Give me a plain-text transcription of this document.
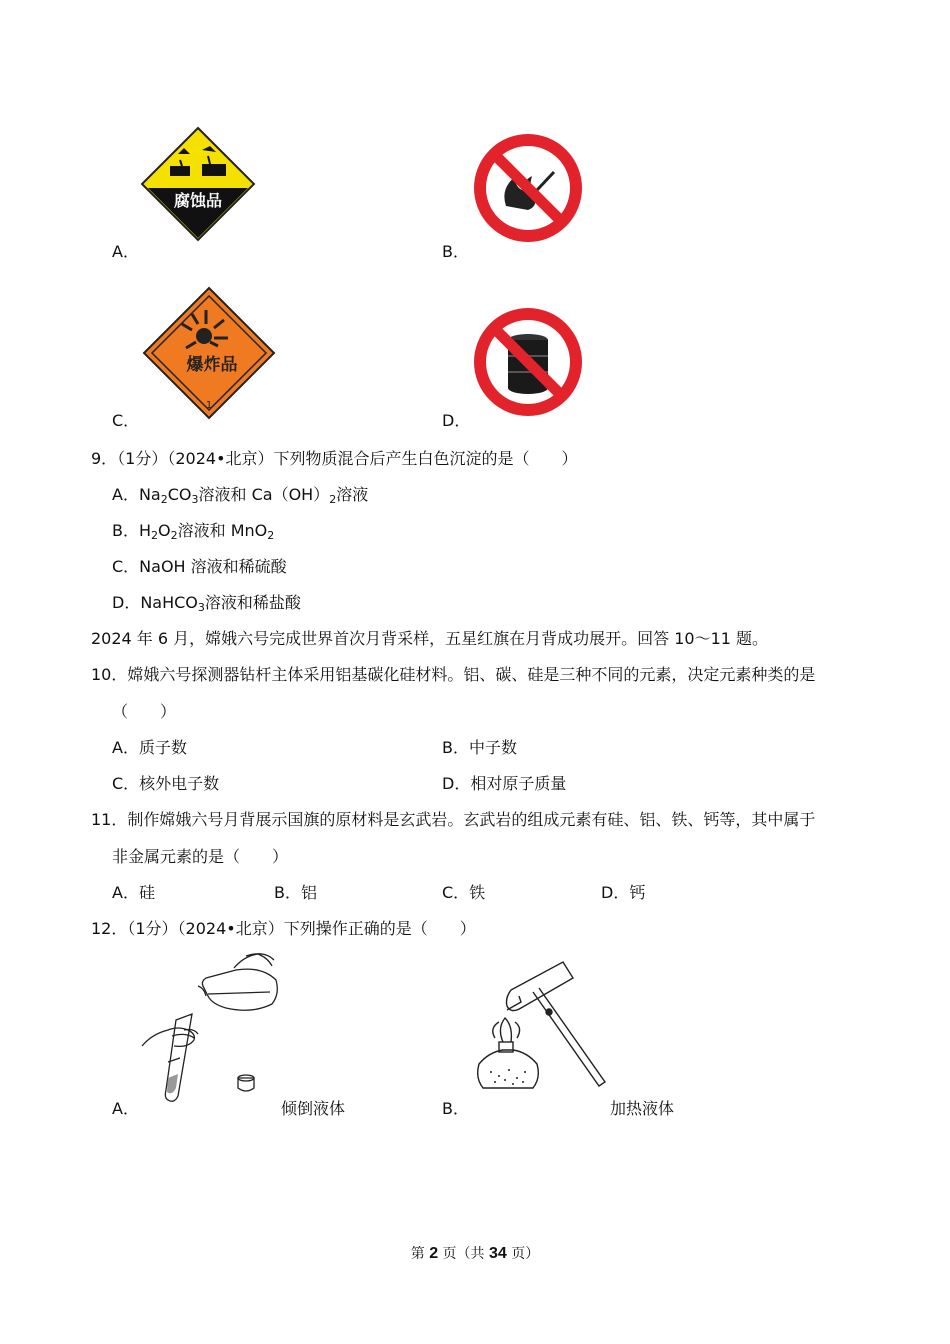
腐蚀品
A．	B．
爆炸品
1
C．	D．
9．（1分）（2024•北京）下列物质混合后产生白色沉淀的是（　　）
A．$Na_2CO_3$溶液和 $Ca(OH)_2$溶液
B．$H_2O_2$溶液和 MnO$_2$
C．NaOH 溶液和稀硫酸
D．NaHCO$_3$溶液和稀盐酸
2024 年 6 月，嫦娥六号完成世界首次月背采样，五星红旗在月背成功展开。回答 10～11 题。
10．嫦娥六号探测器钻杆主体采用铝基碳化硅材料。铝、碳、硅是三种不同的元素，决定元素种类的是
（　　）
A．质子数	B．中子数
C．核外电子数	D．相对原子质量
11．制作嫦娥六号月背展示国旗的原材料是玄武岩。玄武岩的组成元素有硅、铝、铁、钙等，其中属于
非金属元素的是（　　）
A．硅	B．铝	C．铁	D．钙
12．（1分）（2024•北京）下列操作正确的是（　　）
A．	倾倒液体	B．	加热液体
第 2 页（共 34 页）
